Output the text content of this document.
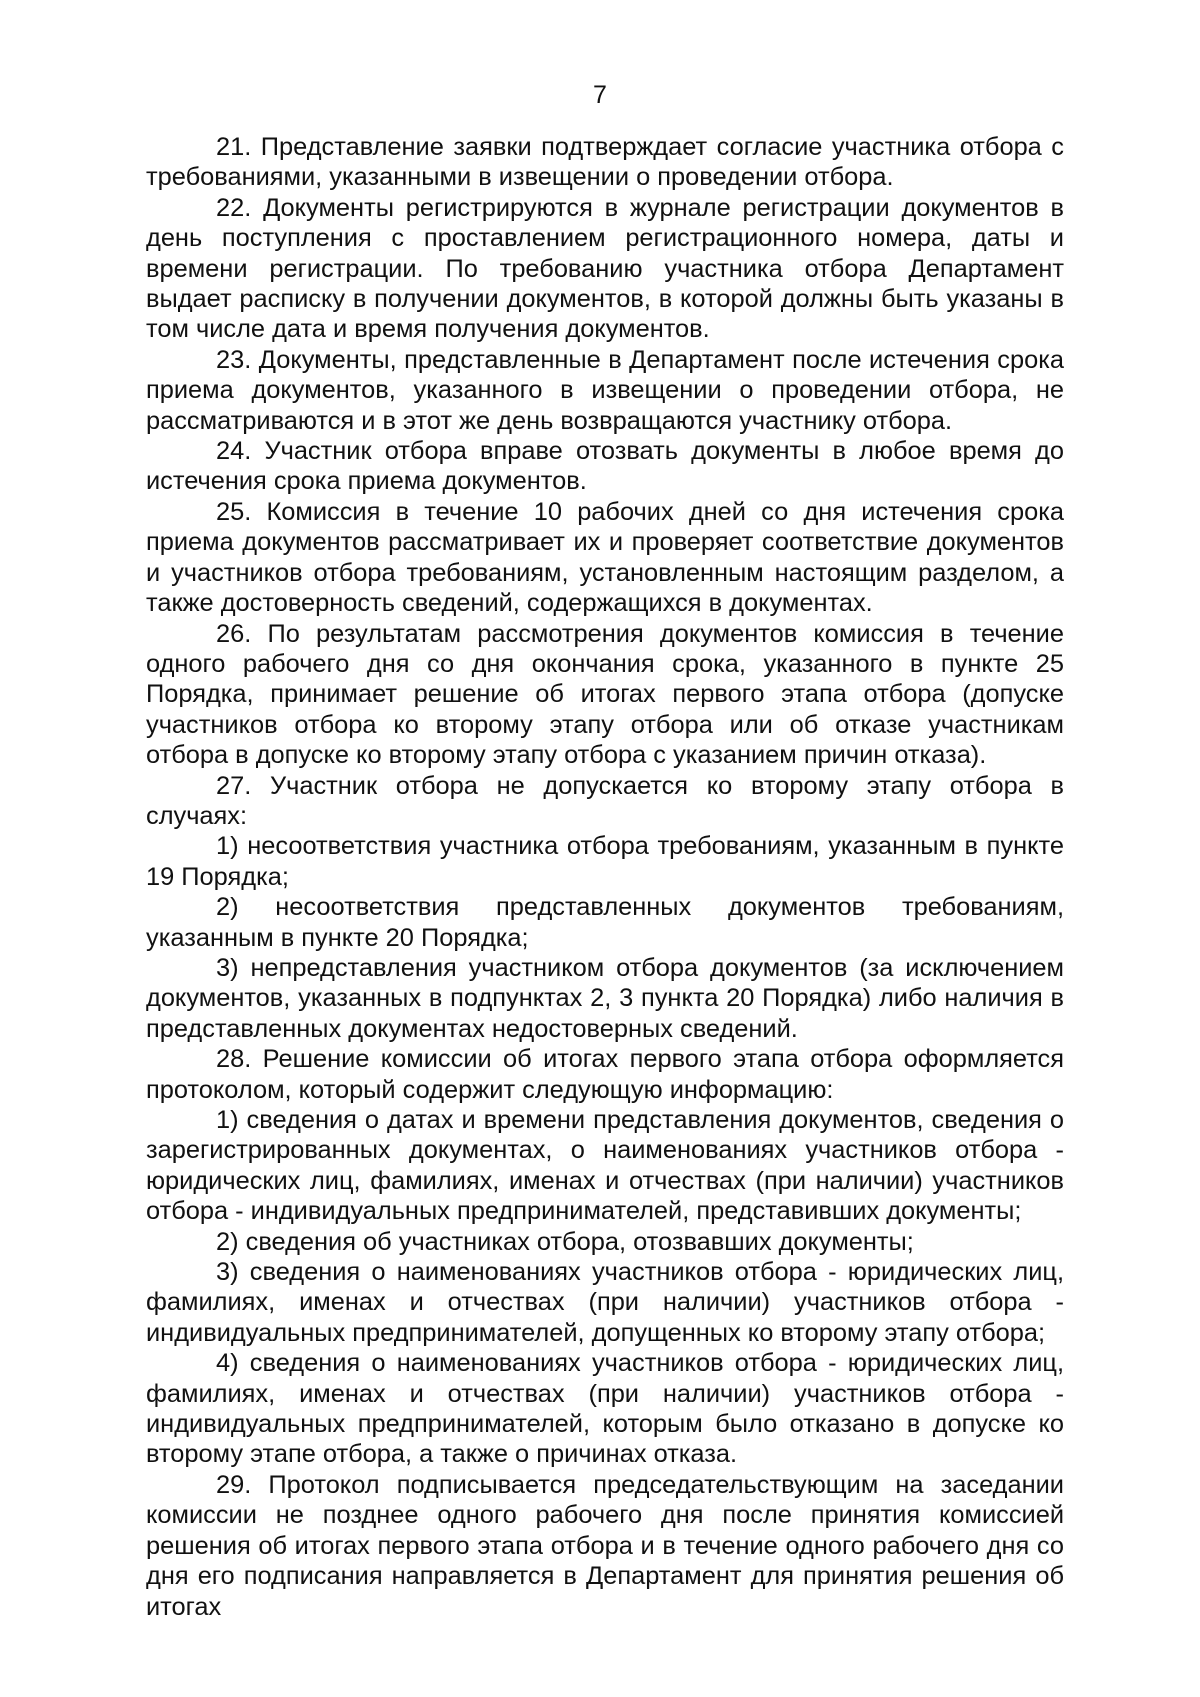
7

21. Представление заявки подтверждает согласие участника отбора с требованиями, указанными в извещении о проведении отбора.

22. Документы регистрируются в журнале регистрации документов в день поступления с проставлением регистрационного номера, даты и времени регистрации. По требованию участника отбора Департамент выдает расписку в получении документов, в которой должны быть указаны в том числе дата и время получения документов.

23. Документы, представленные в Департамент после истечения срока приема документов, указанного в извещении о проведении отбора, не рассматриваются и в этот же день возвращаются участнику отбора.

24. Участник отбора вправе отозвать документы в любое время до истечения срока приема документов.

25. Комиссия в течение 10 рабочих дней со дня истечения срока приема документов рассматривает их и проверяет соответствие документов и участников отбора требованиям, установленным настоящим разделом, а также достоверность сведений, содержащихся в документах.

26. По результатам рассмотрения документов комиссия в течение одного рабочего дня со дня окончания срока, указанного в пункте 25 Порядка, принимает решение об итогах первого этапа отбора (допуске участников отбора ко второму этапу отбора или об отказе участникам отбора в допуске ко второму этапу отбора с указанием причин отказа).

27. Участник отбора не допускается ко второму этапу отбора в случаях:

1) несоответствия участника отбора требованиям, указанным в пункте 19 Порядка;

2) несоответствия представленных документов требованиям, указанным в пункте 20 Порядка;

3) непредставления участником отбора документов (за исключением документов, указанных в подпунктах 2, 3 пункта 20 Порядка) либо наличия в представленных документах недостоверных сведений.

28. Решение комиссии об итогах первого этапа отбора оформляется протоколом, который содержит следующую информацию:

1) сведения о датах и времени представления документов, сведения о зарегистрированных документах, о наименованиях участников отбора - юридических лиц, фамилиях, именах и отчествах (при наличии) участников отбора - индивидуальных предпринимателей, представивших документы;

2) сведения об участниках отбора, отозвавших документы;

3) сведения о наименованиях участников отбора - юридических лиц, фамилиях, именах и отчествах (при наличии) участников отбора - индивидуальных предпринимателей, допущенных ко второму этапу отбора;

4) сведения о наименованиях участников отбора - юридических лиц, фамилиях, именах и отчествах (при наличии) участников отбора - индивидуальных предпринимателей, которым было отказано в допуске ко второму этапе отбора, а также о причинах отказа.

29. Протокол подписывается председательствующим на заседании комиссии не позднее одного рабочего дня после принятия комиссией решения об итогах первого этапа отбора и в течение одного рабочего дня со дня его подписания направляется в Департамент для принятия решения об итогах
